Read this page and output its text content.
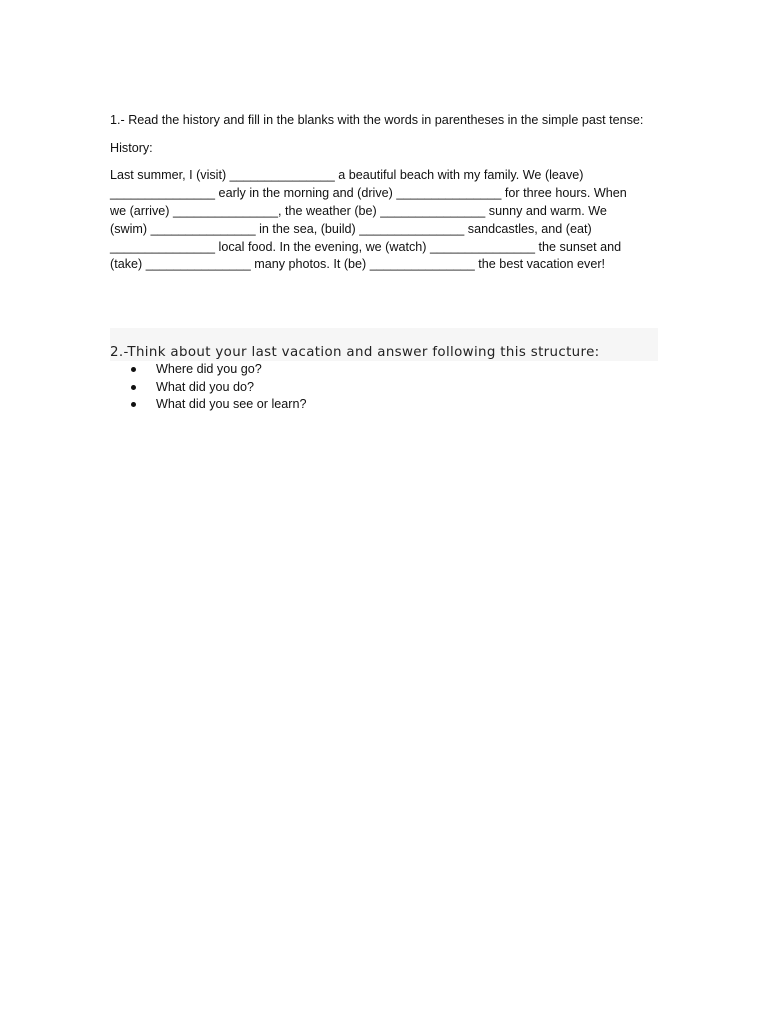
1.- Read the history and fill in the blanks with the words in parentheses in the simple past tense:

History:

Last summer, I (visit) _______________ a beautiful beach with my family. We (leave)
_______________ early in the morning and (drive) _______________ for three hours. When
we (arrive) _______________, the weather (be) _______________ sunny and warm. We
(swim) _______________ in the sea, (build) _______________ sandcastles, and (eat)
_______________ local food. In the evening, we (watch) _______________ the sunset and
(take) _______________ many photos. It (be) _______________ the best vacation ever!

2.-Think about your last vacation and answer following this structure:

Where did you go?
What did you do?
What did you see or learn?
